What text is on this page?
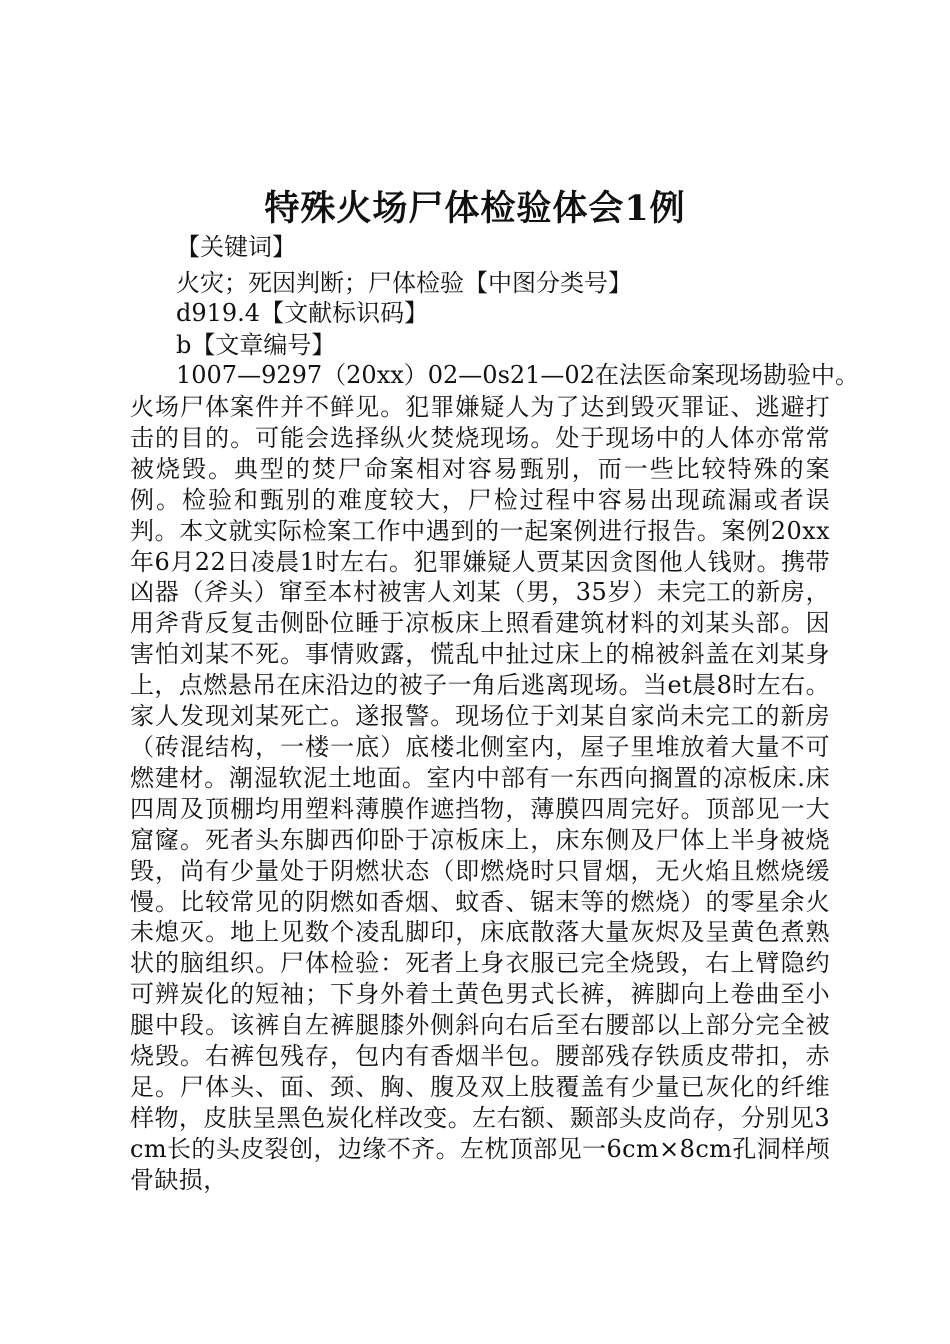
特殊火场尸体检验体会1例

【关键词】

火灾；死因判断；尸体检验【中图分类号】

d919.4【文献标识码】

b【文章编号】

1007—9297（20xx）02—0s21—02在法医命案现场勘验中。

火场尸体案件并不鲜见。犯罪嫌疑人为了达到毁灭罪证、逃避打击的目的。可能会选择纵火焚烧现场。处于现场中的人体亦常常被烧毁。典型的焚尸命案相对容易甄别，而一些比较特殊的案例。检验和甄别的难度较大，尸检过程中容易出现疏漏或者误判。本文就实际检案工作中遇到的一起案例进行报告。案例20xx年6月22日凌晨1时左右。犯罪嫌疑人贾某因贪图他人钱财。携带凶器（斧头）窜至本村被害人刘某（男，35岁）未完工的新房，用斧背反复击侧卧位睡于凉板床上照看建筑材料的刘某头部。因害怕刘某不死。事情败露，慌乱中扯过床上的棉被斜盖在刘某身上，点燃悬吊在床沿边的被子一角后逃离现场。当et晨8时左右。家人发现刘某死亡。遂报警。现场位于刘某自家尚未完工的新房（砖混结构，一楼一底）底楼北侧室内，屋子里堆放着大量不可燃建材。潮湿软泥土地面。室内中部有一东西向搁置的凉板床.床四周及顶棚均用塑料薄膜作遮挡物，薄膜四周完好。顶部见一大窟窿。死者头东脚西仰卧于凉板床上，床东侧及尸体上半身被烧毁，尚有少量处于阴燃状态（即燃烧时只冒烟，无火焰且燃烧缓慢。比较常见的阴燃如香烟、蚊香、锯末等的燃烧）的零星余火未熄灭。地上见数个凌乱脚印，床底散落大量灰烬及呈黄色煮熟状的脑组织。尸体检验：死者上身衣服已完全烧毁，右上臂隐约可辨炭化的短袖；下身外着土黄色男式长裤，裤脚向上卷曲至小腿中段。该裤自左裤腿膝外侧斜向右后至右腰部以上部分完全被烧毁。右裤包残存，包内有香烟半包。腰部残存铁质皮带扣，赤足。尸体头、面、颈、胸、腹及双上肢覆盖有少量已灰化的纤维样物，皮肤呈黑色炭化样改变。左右额、颞部头皮尚存，分别见3cm长的头皮裂创，边缘不齐。左枕顶部见一6cm×8cm孔洞样颅骨缺损，
